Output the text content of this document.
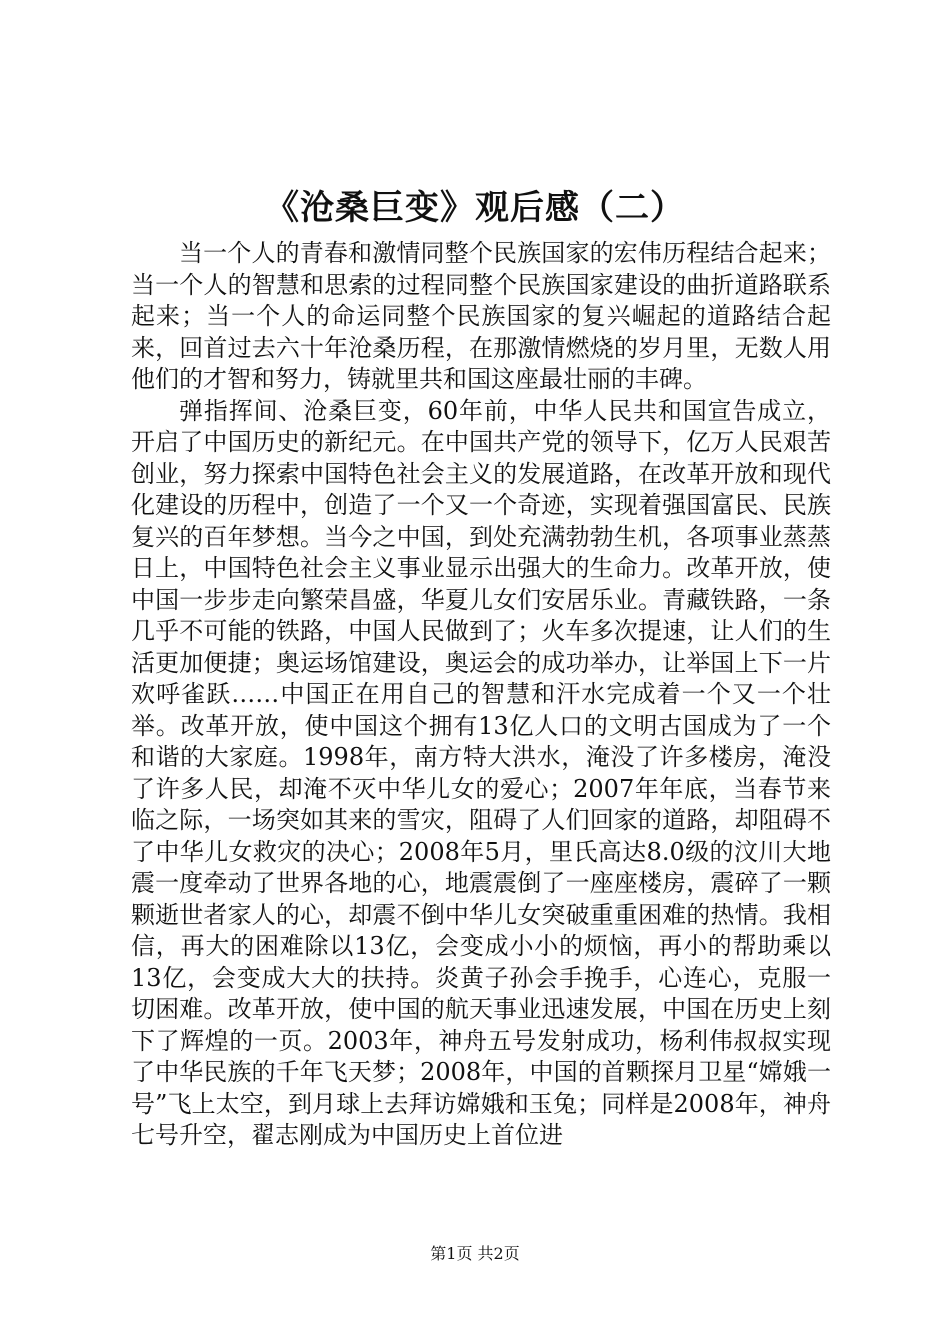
《沧桑巨变》观后感（二）

当一个人的青春和激情同整个民族国家的宏伟历程结合起来；当一个人的智慧和思索的过程同整个民族国家建设的曲折道路联系起来；当一个人的命运同整个民族国家的复兴崛起的道路结合起来，回首过去六十年沧桑历程，在那激情燃烧的岁月里，无数人用他们的才智和努力，铸就里共和国这座最壮丽的丰碑。

弹指挥间、沧桑巨变，60年前，中华人民共和国宣告成立，开启了中国历史的新纪元。在中国共产党的领导下，亿万人民艰苦创业，努力探索中国特色社会主义的发展道路，在改革开放和现代化建设的历程中，创造了一个又一个奇迹，实现着强国富民、民族复兴的百年梦想。当今之中国，到处充满勃勃生机，各项事业蒸蒸日上，中国特色社会主义事业显示出强大的生命力。改革开放，使中国一步步走向繁荣昌盛，华夏儿女们安居乐业。青藏铁路，一条几乎不可能的铁路，中国人民做到了；火车多次提速，让人们的生活更加便捷；奥运场馆建设，奥运会的成功举办，让举国上下一片欢呼雀跃……中国正在用自己的智慧和汗水完成着一个又一个壮举。改革开放，使中国这个拥有13亿人口的文明古国成为了一个和谐的大家庭。1998年，南方特大洪水，淹没了许多楼房，淹没了许多人民，却淹不灭中华儿女的爱心；2007年年底，当春节来临之际，一场突如其来的雪灾，阻碍了人们回家的道路，却阻碍不了中华儿女救灾的决心；2008年5月，里氏高达8.0级的汶川大地震一度牵动了世界各地的心，地震震倒了一座座楼房，震碎了一颗颗逝世者家人的心，却震不倒中华儿女突破重重困难的热情。我相信，再大的困难除以13亿，会变成小小的烦恼，再小的帮助乘以13亿，会变成大大的扶持。炎黄子孙会手挽手，心连心，克服一切困难。改革开放，使中国的航天事业迅速发展，中国在历史上刻下了辉煌的一页。2003年，神舟五号发射成功，杨利伟叔叔实现了中华民族的千年飞天梦；2008年，中国的首颗探月卫星“嫦娥一号”飞上太空，到月球上去拜访嫦娥和玉兔；同样是2008年，神舟七号升空，翟志刚成为中国历史上首位进

第1页 共2页
